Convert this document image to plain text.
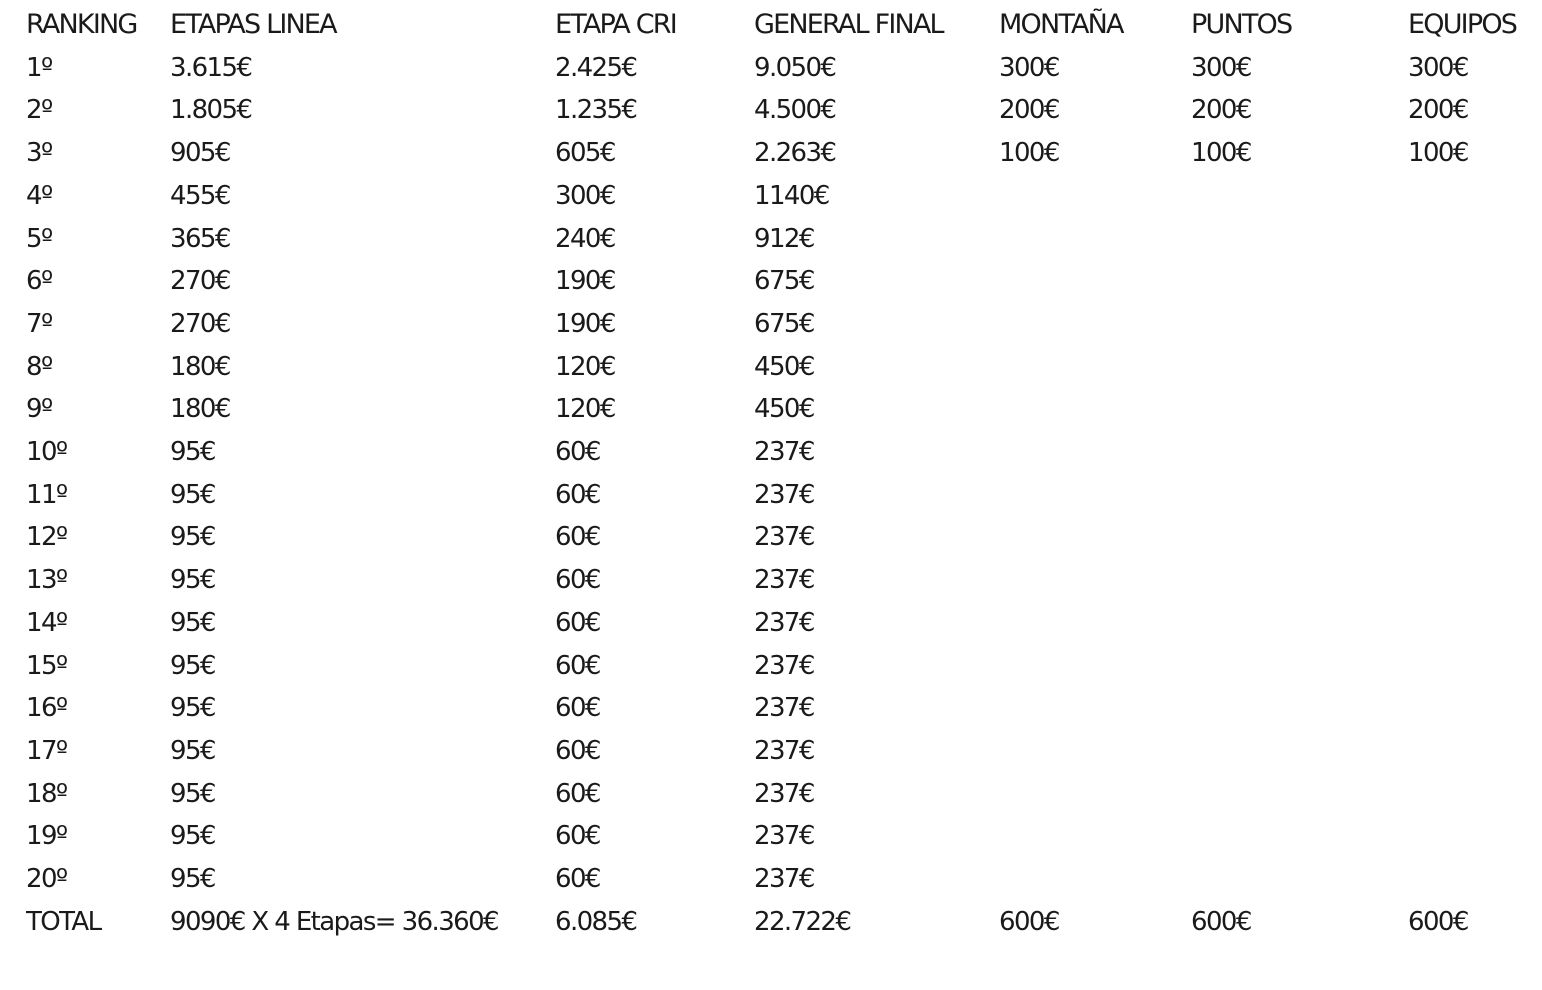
RANKING	ETAPAS LINEA	ETAPA CRI	GENERAL FINAL	MONTAÑA	PUNTOS	EQUIPOS
1º	3.615€	2.425€	9.050€	300€	300€	300€
2º	1.805€	1.235€	4.500€	200€	200€	200€
3º	905€	605€	2.263€	100€	100€	100€
4º	455€	300€	1140€			
5º	365€	240€	912€			
6º	270€	190€	675€			
7º	270€	190€	675€			
8º	180€	120€	450€			
9º	180€	120€	450€			
10º	95€	60€	237€			
11º	95€	60€	237€			
12º	95€	60€	237€			
13º	95€	60€	237€			
14º	95€	60€	237€			
15º	95€	60€	237€			
16º	95€	60€	237€			
17º	95€	60€	237€			
18º	95€	60€	237€			
19º	95€	60€	237€			
20º	95€	60€	237€			
TOTAL	9090€ X 4 Etapas= 36.360€	6.085€	22.722€	600€	600€	600€
